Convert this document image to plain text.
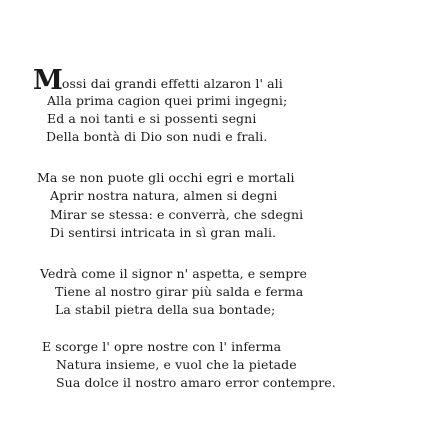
Mossi dai grandi effetti alzaron l' ali
Alla prima cagion quei primi ingegni;
Ed a noi tanti e si possenti segni
Della bontà di Dio son nudi e frali.
Ma se non puote gli occhi egri e mortali
Aprir nostra natura, almen si degni
Mirar se stessa: e converrà, che sdegni
Di sentirsi intricata in sì gran mali.
Vedrà come il signor n' aspetta, e sempre
Tiene al nostro girar più salda e ferma
La stabil pietra della sua bontade;
E scorge l' opre nostre con l' inferma
Natura insieme, e vuol che la pietade
Sua dolce il nostro amaro error contempre.
